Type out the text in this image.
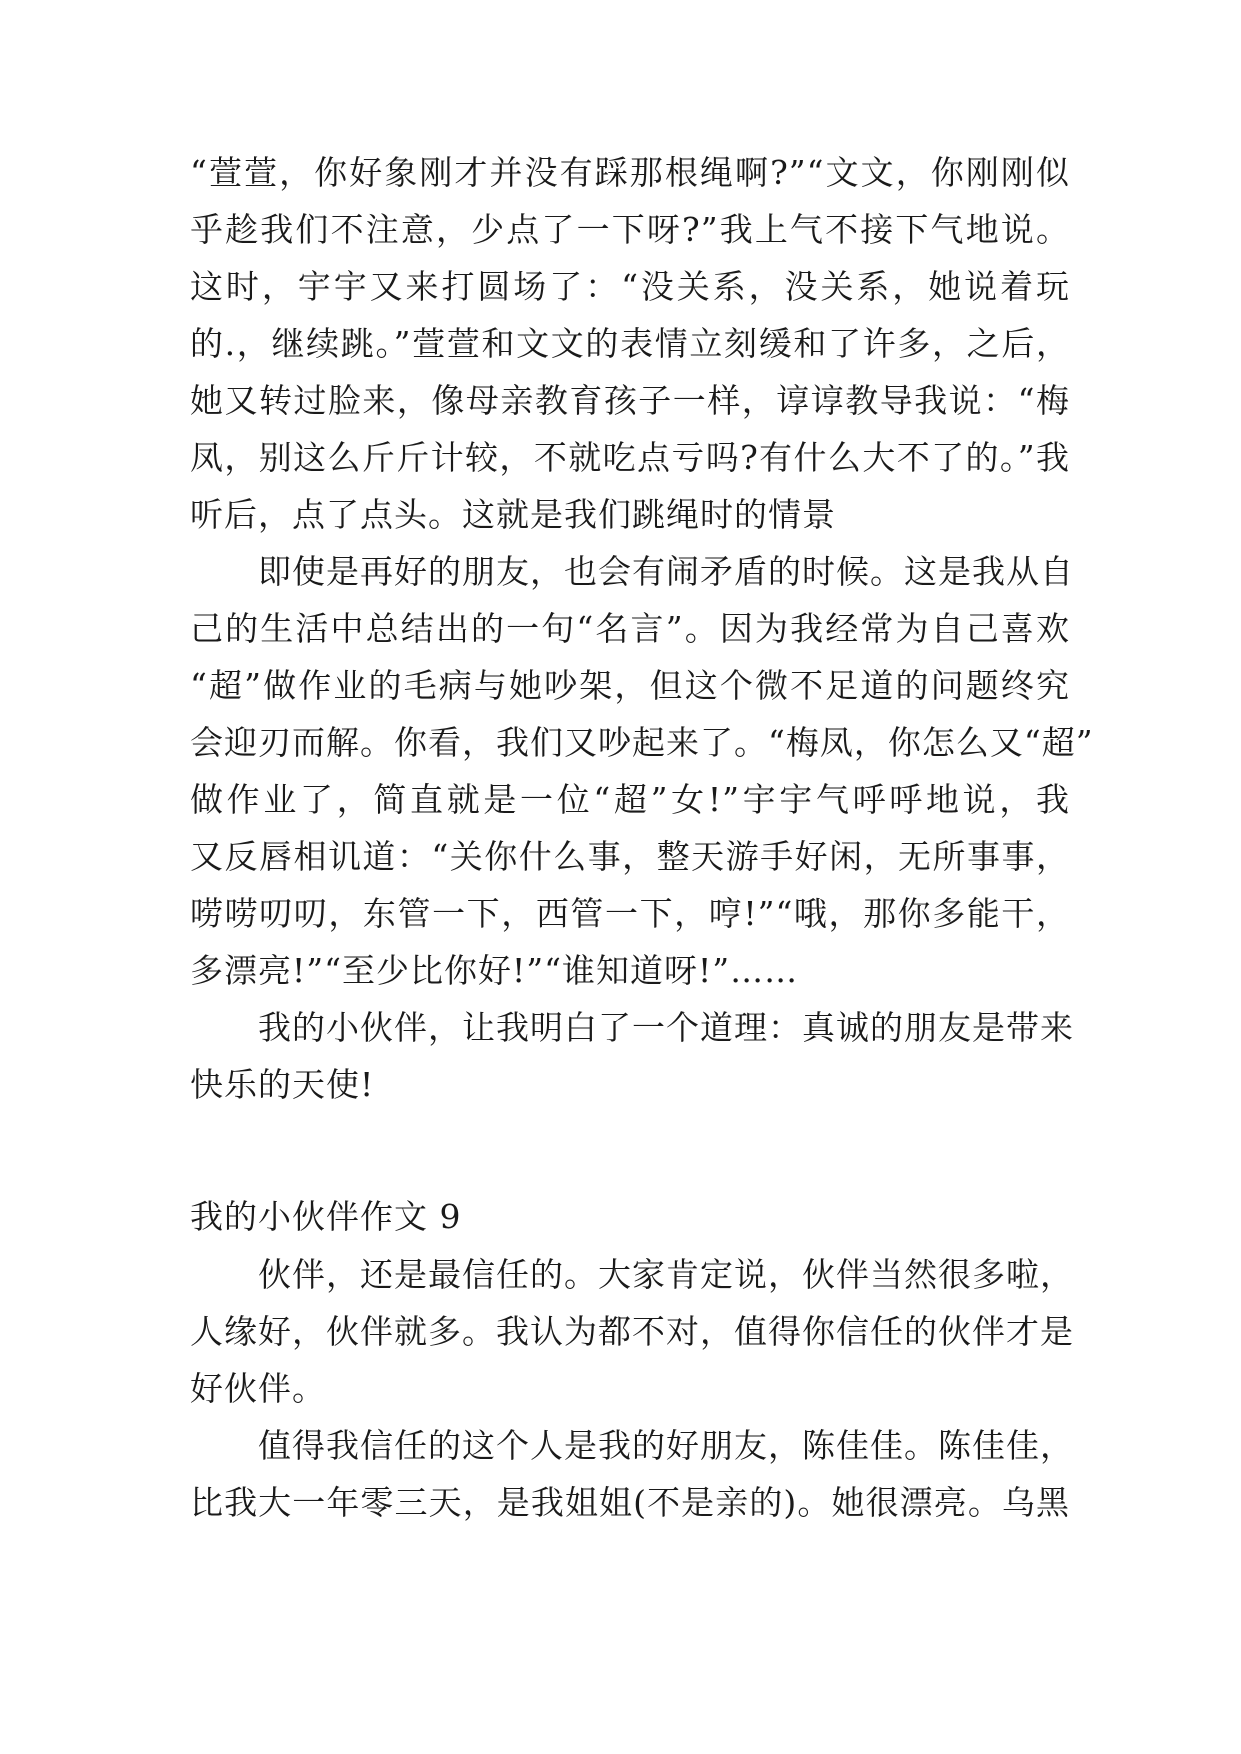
“萱萱，你好象刚才并没有踩那根绳啊?”“文文，你刚刚似
乎趁我们不注意，少点了一下呀?”我上气不接下气地说。
这时，宇宇又来打圆场了：“没关系，没关系，她说着玩
的.，继续跳。”萱萱和文文的表情立刻缓和了许多，之后，
她又转过脸来，像母亲教育孩子一样，谆谆教导我说：“梅
凤，别这么斤斤计较，不就吃点亏吗?有什么大不了的。”我
听后，点了点头。这就是我们跳绳时的情景
即使是再好的朋友，也会有闹矛盾的时候。这是我从自
己的生活中总结出的一句“名言”。因为我经常为自己喜欢
“超”做作业的毛病与她吵架，但这个微不足道的问题终究
会迎刃而解。你看，我们又吵起来了。“梅凤，你怎么又“超”
做作业了，简直就是一位“超”女!”宇宇气呼呼地说，我
又反唇相讥道：“关你什么事，整天游手好闲，无所事事，
唠唠叨叨，东管一下，西管一下，哼!”“哦，那你多能干，
多漂亮!”“至少比你好!”“谁知道呀!”……
我的小伙伴，让我明白了一个道理：真诚的朋友是带来
快乐的天使!
我的小伙伴作文 9
伙伴，还是最信任的。大家肯定说，伙伴当然很多啦，
人缘好，伙伴就多。我认为都不对，值得你信任的伙伴才是
好伙伴。
值得我信任的这个人是我的好朋友，陈佳佳。陈佳佳，
比我大一年零三天，是我姐姐(不是亲的)。她很漂亮。乌黑
